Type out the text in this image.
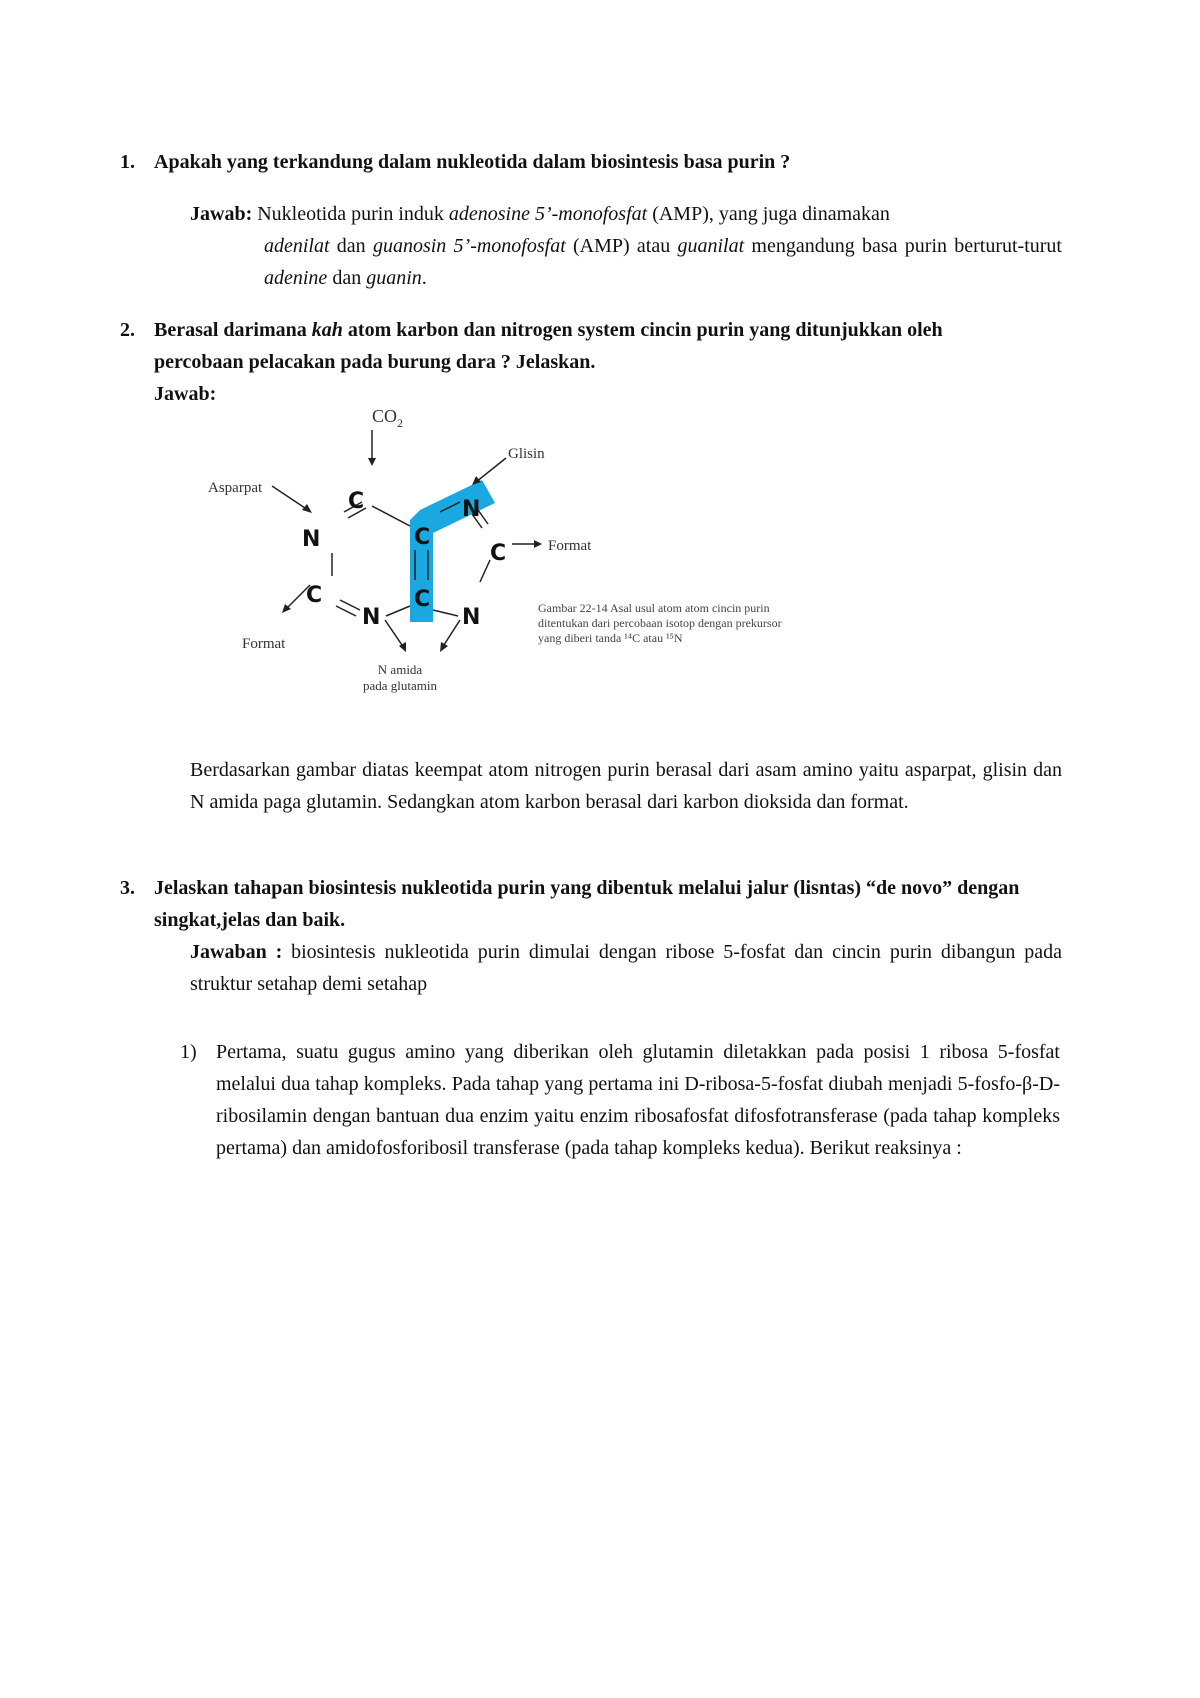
1. Apakah yang terkandung dalam nukleotida dalam biosintesis basa purin ?
Jawab: Nukleotida purin induk adenosine 5’-monofosfat (AMP), yang juga dinamakan
adenilat dan guanosin 5’-monofosfat (AMP) atau guanilat mengandung basa purin berturut-turut adenine dan guanin.
2. Berasal darimana kah atom karbon dan nitrogen system cincin purin yang ditunjukkan oleh percobaan pelacakan pada burung dara ? Jelaskan.
Jawab:
C
N
C
N
C
C
N
C
N
$CO_2$
Glisin
Asparpat
Format
Format
N amida
pada glutamin
Gambar 22-14 Asal usul atom atom cincin purin
ditentukan dari percobaan isotop dengan prekursor
yang diberi tanda ¹⁴C atau ¹⁵N
Berdasarkan gambar diatas keempat atom nitrogen purin berasal dari asam amino yaitu asparpat, glisin dan N amida paga glutamin. Sedangkan atom karbon berasal dari karbon dioksida dan format.
3. Jelaskan tahapan biosintesis nukleotida purin yang dibentuk melalui jalur (lisntas) “de novo” dengan singkat,jelas dan baik.
Jawaban : biosintesis nukleotida purin dimulai dengan ribose 5-fosfat dan cincin purin dibangun pada struktur setahap demi setahap
1) Pertama, suatu gugus amino yang diberikan oleh glutamin diletakkan pada posisi 1 ribosa 5-fosfat melalui dua tahap kompleks. Pada tahap yang pertama ini D-ribosa-5-fosfat diubah menjadi 5-fosfo-β-D-ribosilamin dengan bantuan dua enzim yaitu enzim ribosafosfat difosfotransferase (pada tahap kompleks pertama) dan amidofosforibosil transferase (pada tahap kompleks kedua). Berikut reaksinya :
